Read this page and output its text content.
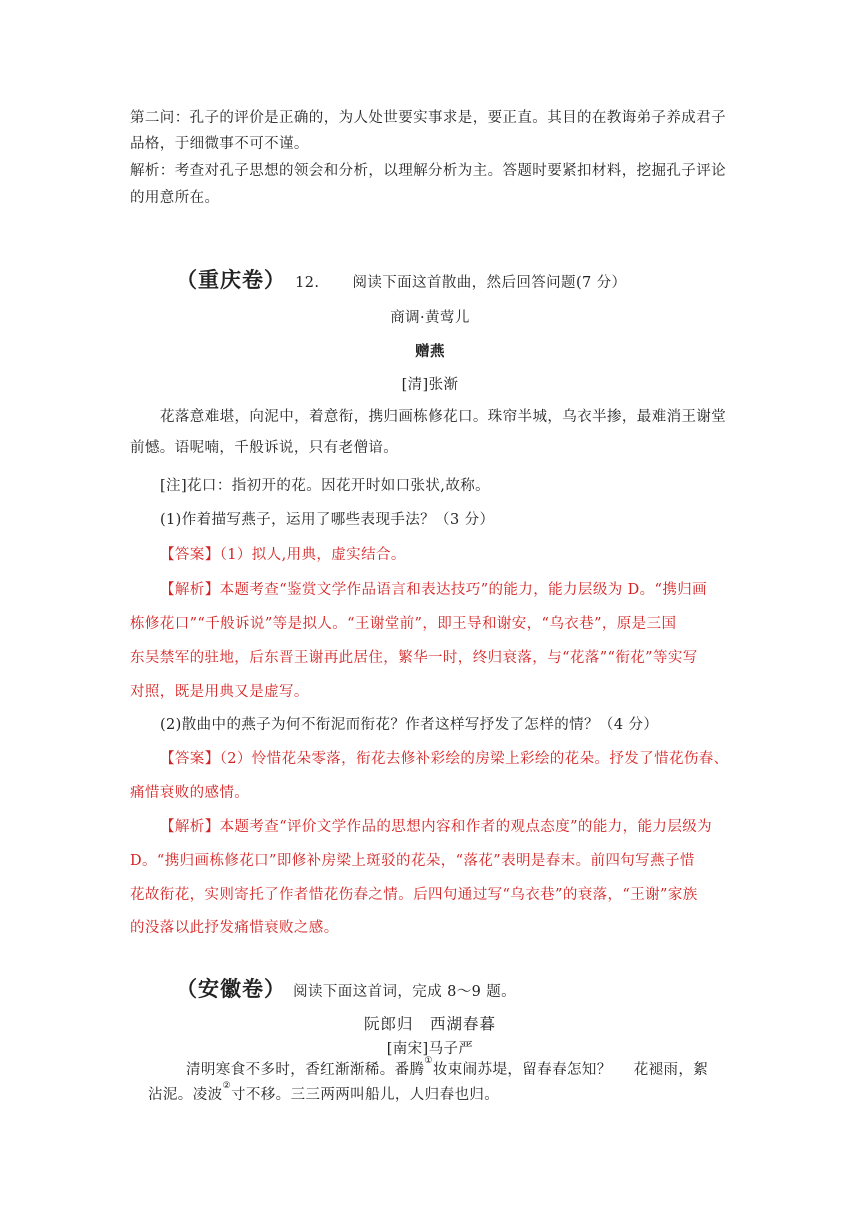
第二问：孔子的评价是正确的，为人处世要实事求是，要正直。其目的在教诲弟子养成君子
品格，于细微事不可不谨。
解析：考查对孔子思想的领会和分析，以理解分析为主。答题时要紧扣材料，挖掘孔子评论
的用意所在。
（重庆卷） 12. 阅读下面这首散曲，然后回答问题(7 分）
商调·黄莺儿
赠燕
[清]张渐
花落意难堪，向泥中，着意衔，携归画栋修花口。珠帘半城，乌衣半掺，最难消王谢堂
前憾。语呢喃，千般诉说，只有老僧谙。
[注]花口：指初开的花。因花开时如口张状,故称。
(1)作着描写燕子，运用了哪些表现手法？（3 分）
【答案】（1）拟人,用典，虚实结合。
【解析】本题考查“鉴赏文学作品语言和表达技巧”的能力，能力层级为 D。“携归画
栋修花口”“千般诉说”等是拟人。“王谢堂前”，即王导和谢安，“乌衣巷”，原是三国
东吴禁军的驻地，后东晋王谢再此居住，繁华一时，终归衰落，与“花落”“衔花”等实写
对照，既是用典又是虚写。
(2)散曲中的燕子为何不衔泥而衔花？作者这样写抒发了怎样的情？（4 分）
【答案】（2）怜惜花朵零落，衔花去修补彩绘的房梁上彩绘的花朵。抒发了惜花伤春、
痛惜衰败的感情。
【解析】本题考查“评价文学作品的思想内容和作者的观点态度”的能力，能力层级为
D。“携归画栋修花口”即修补房梁上斑驳的花朵，“落花”表明是春末。前四句写燕子惜
花故衔花，实则寄托了作者惜花伤春之情。后四句通过写“乌衣巷”的衰落，“王谢”家族
的没落以此抒发痛惜衰败之感。
（安徽卷） 阅读下面这首词，完成 8～9 题。
阮郎归　西湖春暮
[南宋]马子严
清明寒食不多时，香红渐渐稀。番腾①妆束闹苏堤，留春春怎知？ 花褪雨，絮
沾泥。凌波②寸不移。三三两两叫船儿，人归春也归。
